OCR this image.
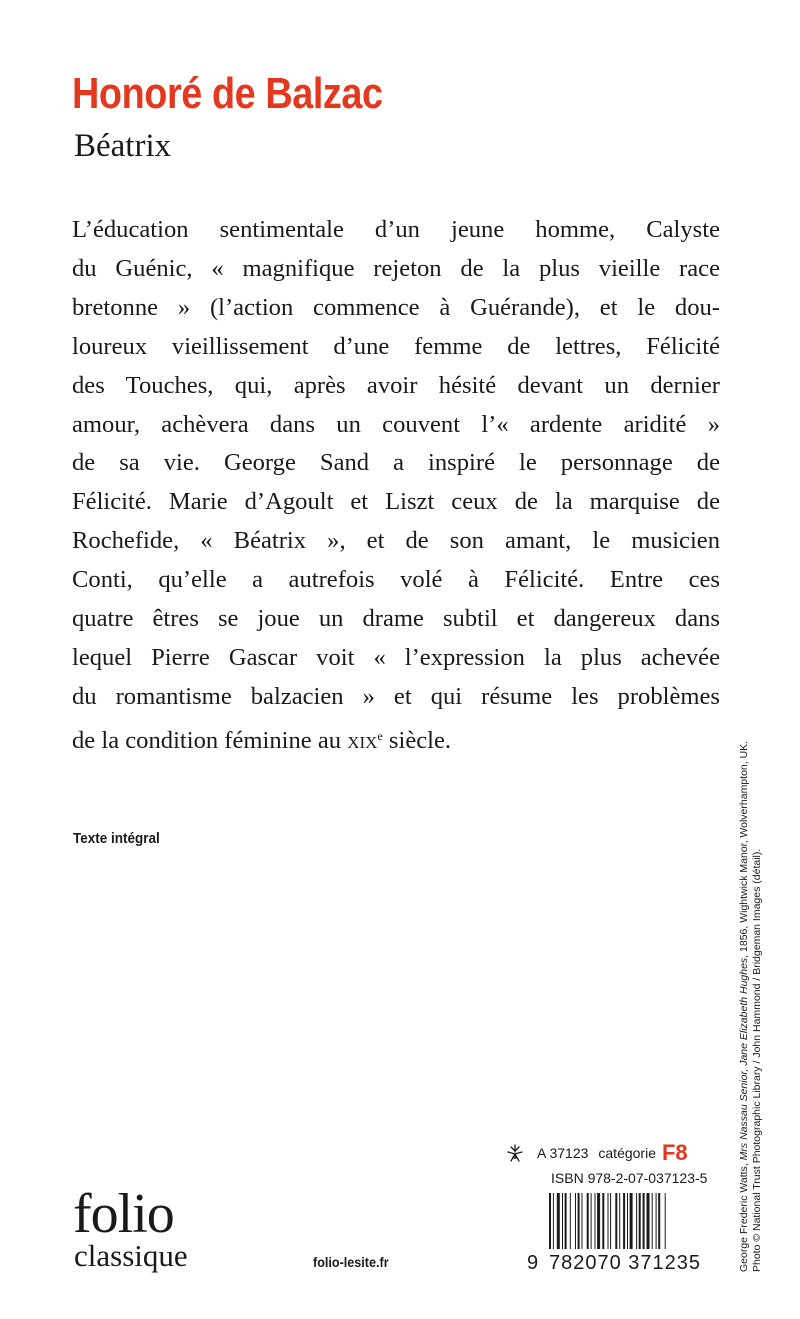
Honoré de Balzac
Béatrix
L’éducation sentimentale d’un jeune homme, Calyste
du Guénic, « magnifique rejeton de la plus vieille race
bretonne » (l’action commence à Guérande), et le dou-
loureux vieillissement d’une femme de lettres, Félicité
des Touches, qui, après avoir hésité devant un dernier
amour, achèvera dans un couvent l’« ardente aridité »
de sa vie. George Sand a inspiré le personnage de
Félicité. Marie d’Agoult et Liszt ceux de la marquise de
Rochefide, « Béatrix », et de son amant, le musicien
Conti, qu’elle a autrefois volé à Félicité. Entre ces
quatre êtres se joue un drame subtil et dangereux dans
lequel Pierre Gascar voit « l’expression la plus achevée
du romantisme balzacien » et qui résume les problèmes
de la condition féminine au xix$^e$ siècle.
Texte intégral
folio
classique	folio-lesite.fr
A 37123 catégorie F8
ISBN 978-2-07-037123-5
9 782070 371235	George Frederic Watts, Mrs Nassau Senior, Jane Elizabeth Hughes, 1856, Wightwick Manor, Wolverhampton, UK. Photo © National Trust Photographic Library / John Hammond / Bridgeman Images (détail).
